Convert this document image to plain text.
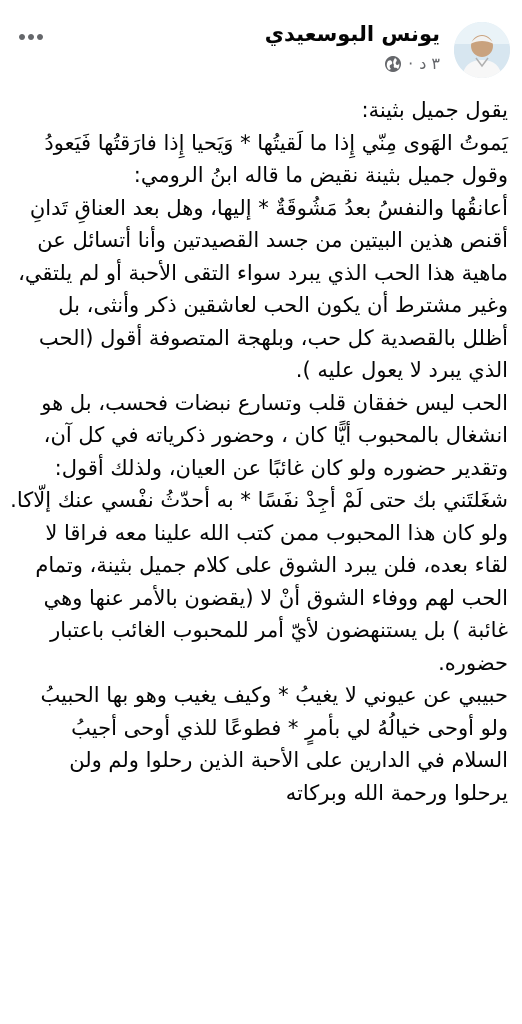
يونس البوسعيدي
٣ د
·

يقول جميل بثينة:

يَموتُ الهَوى مِنّي إِذا ما لَقيتُها * وَيَحيا إِذا فارَقتُها فَيَعودُ

وقول جميل بثينة نقيض ما قاله ابنُ الرومي:

أعانقُها والنفسُ بعدُ مَشُوقَةٌ * إليها، وهل بعد العناقِ تَدانِ

أقنص هذين البيتين من جسد القصيدتين وأنا أتسائل عن ماهية هذا الحب الذي يبرد سواء التقى الأحبة أو لم يلتقي، وغير مشترط أن يكون الحب لعاشقين ذكر وأنثى، بل أظلل بالقصدية كل حب، وبلهجة المتصوفة أقول (الحب الذي يبرد لا يعول عليه ).

الحب ليس خفقان قلب وتسارع نبضات فحسب، بل هو انشغال بالمحبوب أيًّا كان ، وحضور ذكرياته في كل آن، وتقدير حضوره ولو كان غائبًا عن العيان، ولذلك أقول:

شغَلتَني بك حتى لَمْ أجِدْ نفَسًا * به أحدّثُ نفْسي عنك إلّاكا.

ولو كان هذا المحبوب ممن كتب الله علينا معه فراقا لا لقاء بعده، فلن يبرد الشوق على كلام جميل بثينة، وتمام الحب لهم ووفاء الشوق أنْ لا (يقضون بالأمر عنها وهي غائبة ) بل يستنهضون لأيّ أمر للمحبوب الغائب باعتبار حضوره.

حبيبي عن عيوني لا يغيبُ * وكيف يغيب وهو بها الحبيبُ

ولو أوحى خيالُهُ لي بأمرٍ * فطوعًا للذي أوحى أجيبُ

السلام في الدارين على الأحبة الذين رحلوا ولم ولن يرحلوا ورحمة الله وبركاته
